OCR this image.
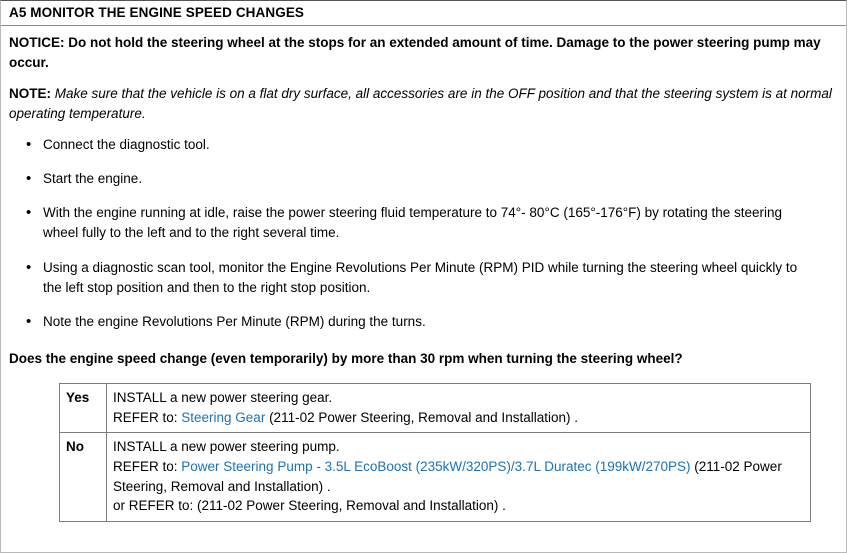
A5 MONITOR THE ENGINE SPEED CHANGES

NOTICE: Do not hold the steering wheel at the stops for an extended amount of time. Damage to the power steering pump may occur.

NOTE: Make sure that the vehicle is on a flat dry surface, all accessories are in the OFF position and that the steering system is at normal operating temperature.

• Connect the diagnostic tool.
• Start the engine.
• With the engine running at idle, raise the power steering fluid temperature to 74°- 80°C (165°-176°F) by rotating the steering wheel fully to the left and to the right several time.
• Using a diagnostic scan tool, monitor the Engine Revolutions Per Minute (RPM) PID while turning the steering wheel quickly to the left stop position and then to the right stop position.
• Note the engine Revolutions Per Minute (RPM) during the turns.

Does the engine speed change (even temporarily) by more than 30 rpm when turning the steering wheel?

Yes	INSTALL a new power steering gear.
REFER to: Steering Gear (211-02 Power Steering, Removal and Installation) .

No	INSTALL a new power steering pump.
REFER to: Power Steering Pump - 3.5L EcoBoost (235kW/320PS)/3.7L Duratec (199kW/270PS) (211-02 Power Steering, Removal and Installation) .
or REFER to: (211-02 Power Steering, Removal and Installation) .
